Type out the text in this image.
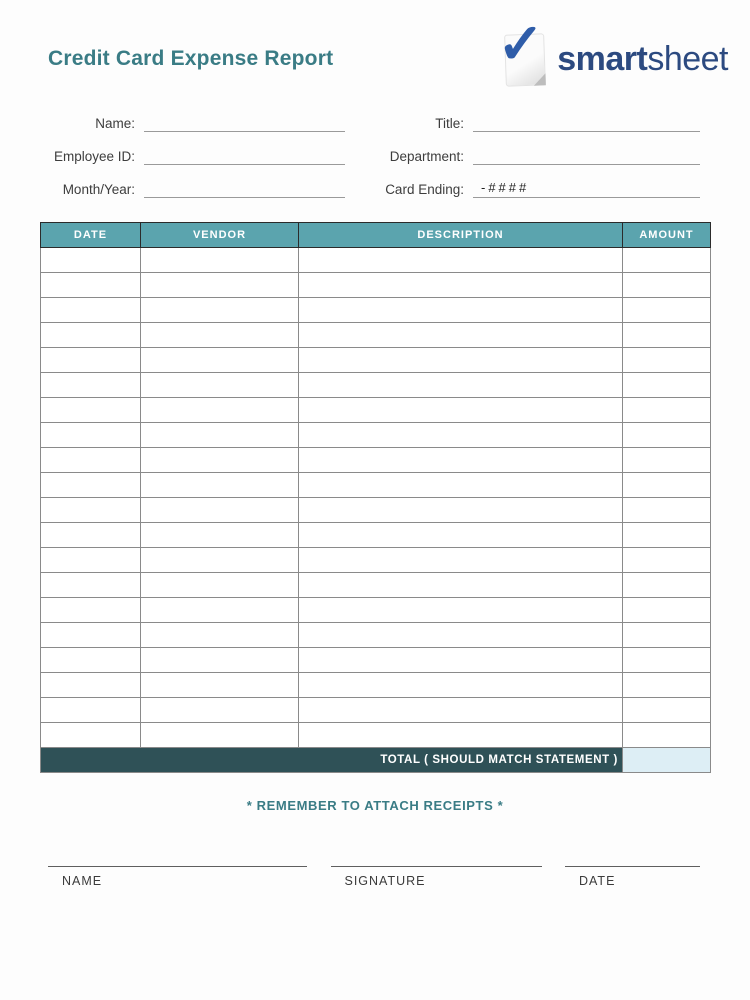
Credit Card Expense Report	✓ smartsheet
Name:
Employee ID:
Month/Year:
Title:
Department:
Card Ending:	-####
DATE	VENDOR	DESCRIPTION	AMOUNT

TOTAL ( SHOULD MATCH STATEMENT )			
* REMEMBER TO ATTACH RECEIPTS *
NAME	SIGNATURE	DATE
